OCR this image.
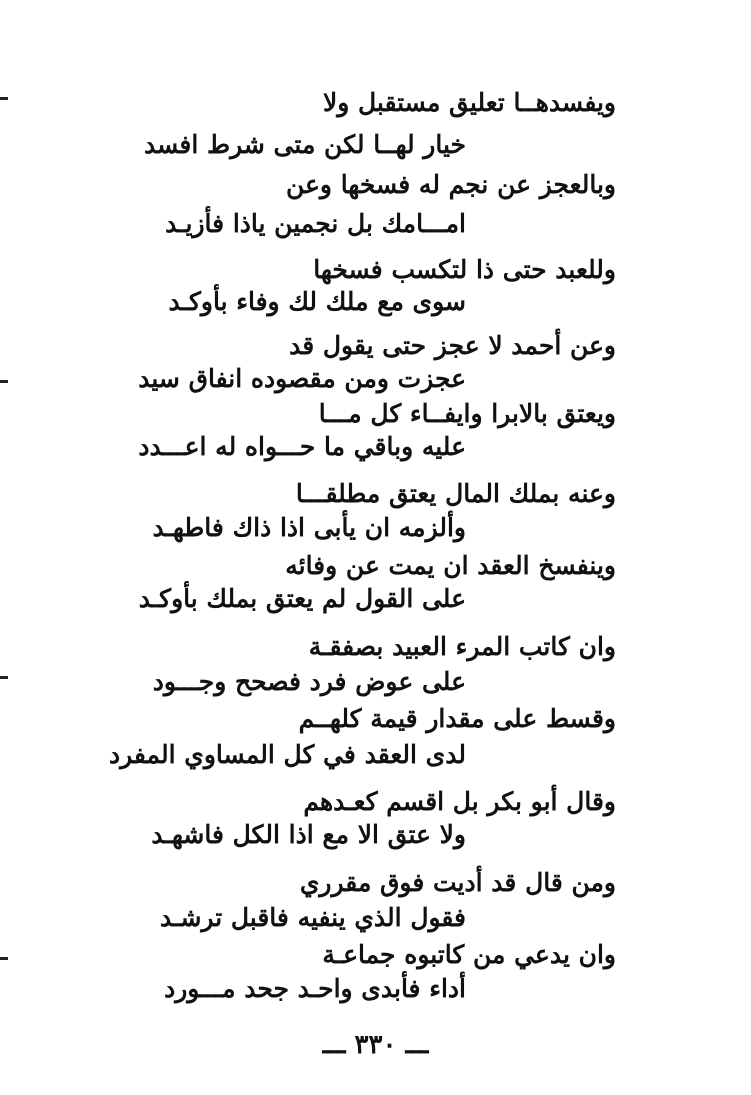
ويفسدهــا تعليق مستقبل ولا
خيار لهــا لكن متى شرط افسد
وبالعجز عن نجم له فسخها وعن
امـــامك بل نجمين ياذا فأزيـد
وللعبد حتى ذا لتكسب فسخها
سوى مع ملك لك وفاء بأوكـد
وعن أحمد لا عجز حتى يقول قد
عجزت ومن مقصوده انفاق سيد
ويعتق بالابرا وايفــاء كل مـــا
عليه وباقي ما حـــواه له اعـــدد
وعنه بملك المال يعتق مطلقـــا
وألزمه ان يأبى اذا ذاك فاطهـد
وينفسخ العقد ان يمت عن وفائه
على القول لم يعتق بملك بأوكـد
وان كاتب المرء العبيد بصفقـة
على عوض فرد فصحح وجـــود
وقسط على مقدار قيمة كلهــم
لدى العقد في كل المساوي المفرد
وقال أبو بكر بل اقسم كعـدهم
ولا عتق الا مع اذا الكل فاشهـد
ومن قال قد أديت فوق مقرري
فقول الذي ينفيه فاقبل ترشـد
وان يدعي من كاتبوه جماعـة
أداء فأبدى واحـد جحد مـــورد
ـــ ٣٣٠ ـــ
